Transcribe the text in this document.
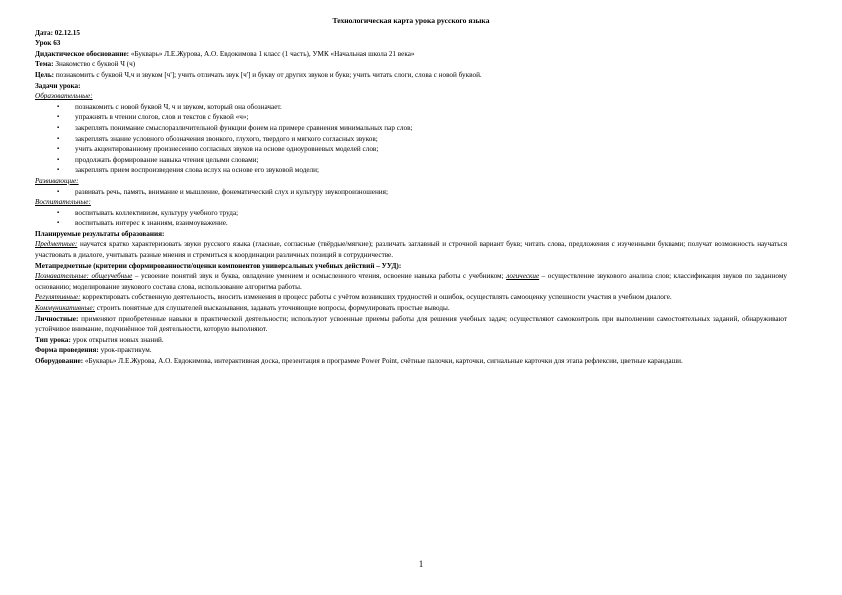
Технологическая карта урока русского языка

Дата: 02.12.15

Урок 63

Дидактическое обоснование: «Букварь» Л.Е.Журова, А.О. Евдокимова 1 класс (1 часть), УМК «Начальная школа 21 века»

Тема: Знакомство с буквой Ч (ч)

Цель: познакомить с буквой Ч,ч и звуком [ч']; учить отличать звук [ч'] и букву от других звуков и букв; учить читать слоги, слова с новой буквой.

Задачи урока:

Образовательные:

▪ познакомить с новой буквой Ч, ч и звуком, который она обозначает.
▪ упражнять в чтении слогов, слов и текстов с буквой «ч»;
▪ закреплять понимание смыслоразличительной функции фонем на примере сравнения минимальных пар слов;
▪ закреплять знание условного обозначения звонкого, глухого, твердого и мягкого согласных звуков;
▪ учить акцентированному произнесению согласных звуков на основе одноуровневых моделей слов;
▪ продолжать формирование навыка чтения целыми словами;
▪ закреплять прием воспроизведения слова вслух на основе его звуковой модели;

Развивающие:

▪ развивать речь, память, внимание и мышление, фонематический слух и культуру звукопроизношения;

Воспитательные:

▪ воспитывать коллективизм, культуру учебного труда;
▪ воспитывать интерес к знаниям, взаимоуважение.

Планируемые результаты образования:

Предметные: научатся кратко характеризовать звуки русского языка (гласные, согласные (твёрдые/мягкие); различать заглавный и строчной вариант букв; читать слова, предложения с изученными буквами; получат возможность научаться участвовать в диалоге, учитывать разные мнения и стремиться к координации различных позиций в сотрудничестве.

Метапредметные (критерии сформированности/оценки компонентов универсальных учебных действий – УУД):

Познавательные: общеучебные – усвоение понятий звук и буква, овладение умением и осмысленного чтения, освоение навыка работы с учебником; логические – осуществление звукового анализа слов; классификация звуков по заданному основанию; моделирование звукового состава слова, использование алгоритма работы.

Регулятивные: корректировать собственную деятельность, вносить изменения в процесс работы с учётом возникших трудностей и ошибок, осуществлять самооценку успешности участия в учебном диалоге.

Коммуникативные: строить понятные для слушателей высказывания, задавать уточняющие вопросы, формулировать простые выводы.

Личностные: применяют приобретенные навыки в практической деятельности; используют усвоенные приемы работы для решения учебных задач; осуществляют самоконтроль при выполнении самостоятельных заданий, обнаруживают устойчивое внимание, подчинённое той деятельности, которую выполняют.

Тип урока: урок открытия новых знаний.

Форма проведения: урок-практикум.

Оборудование: «Букварь» Л.Е.Журова, А.О. Евдокимова, интерактивная доска, презентация в программе Power Point, счётные палочки, карточки, сигнальные карточки для этапа рефлексии, цветные карандаши.

1
